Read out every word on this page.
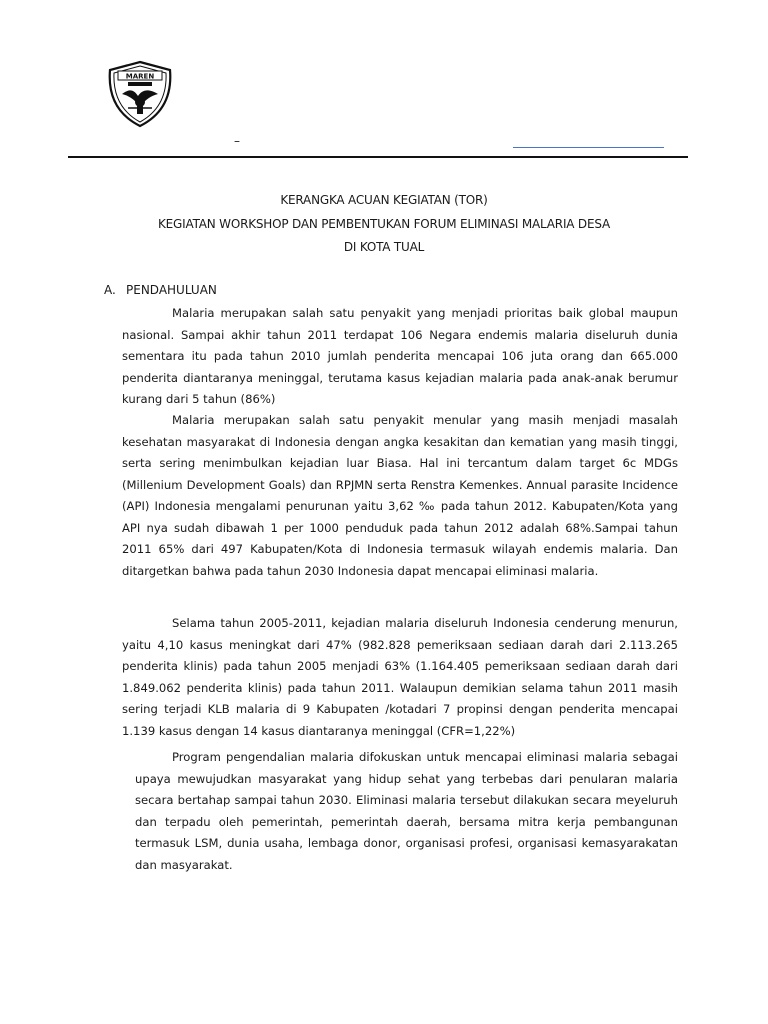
MAREN
–
KERANGKA ACUAN KEGIATAN (TOR)
KEGIATAN WORKSHOP DAN PEMBENTUKAN FORUM ELIMINASI MALARIA DESA
DI KOTA TUAL
A. PENDAHULUAN

Malaria merupakan salah satu penyakit yang menjadi prioritas baik global maupun nasional. Sampai akhir tahun 2011 terdapat 106 Negara endemis malaria diseluruh dunia sementara itu pada tahun 2010 jumlah penderita mencapai 106 juta orang dan 665.000 penderita diantaranya meninggal, terutama kasus kejadian malaria pada anak-anak berumur kurang dari 5 tahun (86%)

Malaria merupakan salah satu penyakit menular yang masih menjadi masalah kesehatan masyarakat di Indonesia dengan angka kesakitan dan kematian yang masih tinggi, serta sering menimbulkan kejadian luar Biasa. Hal ini tercantum dalam target 6c MDGs (Millenium Development Goals) dan RPJMN serta Renstra Kemenkes. Annual parasite Incidence (API) Indonesia mengalami penurunan yaitu 3,62 ‰ pada tahun 2012. Kabupaten/Kota yang API nya sudah dibawah 1 per 1000 penduduk pada tahun 2012 adalah 68%.Sampai tahun 2011 65% dari 497 Kabupaten/Kota di Indonesia termasuk wilayah endemis malaria. Dan ditargetkan bahwa pada tahun 2030 Indonesia dapat mencapai eliminasi malaria.

Selama tahun 2005-2011, kejadian malaria diseluruh Indonesia cenderung menurun, yaitu 4,10 kasus meningkat dari 47% (982.828 pemeriksaan sediaan darah dari 2.113.265 penderita klinis) pada tahun 2005 menjadi 63% (1.164.405 pemeriksaan sediaan darah dari 1.849.062 penderita klinis) pada tahun 2011. Walaupun demikian selama tahun 2011 masih sering terjadi KLB malaria di 9 Kabupaten /kotadari 7 propinsi dengan penderita mencapai 1.139 kasus dengan 14 kasus diantaranya meninggal (CFR=1,22%)

Program pengendalian malaria difokuskan untuk mencapai eliminasi malaria sebagai upaya mewujudkan masyarakat yang hidup sehat yang terbebas dari penularan malaria secara bertahap sampai tahun 2030. Eliminasi malaria tersebut dilakukan secara meyeluruh dan terpadu oleh pemerintah, pemerintah daerah, bersama mitra kerja pembangunan termasuk LSM, dunia usaha, lembaga donor, organisasi profesi, organisasi kemasyarakatan dan masyarakat.
